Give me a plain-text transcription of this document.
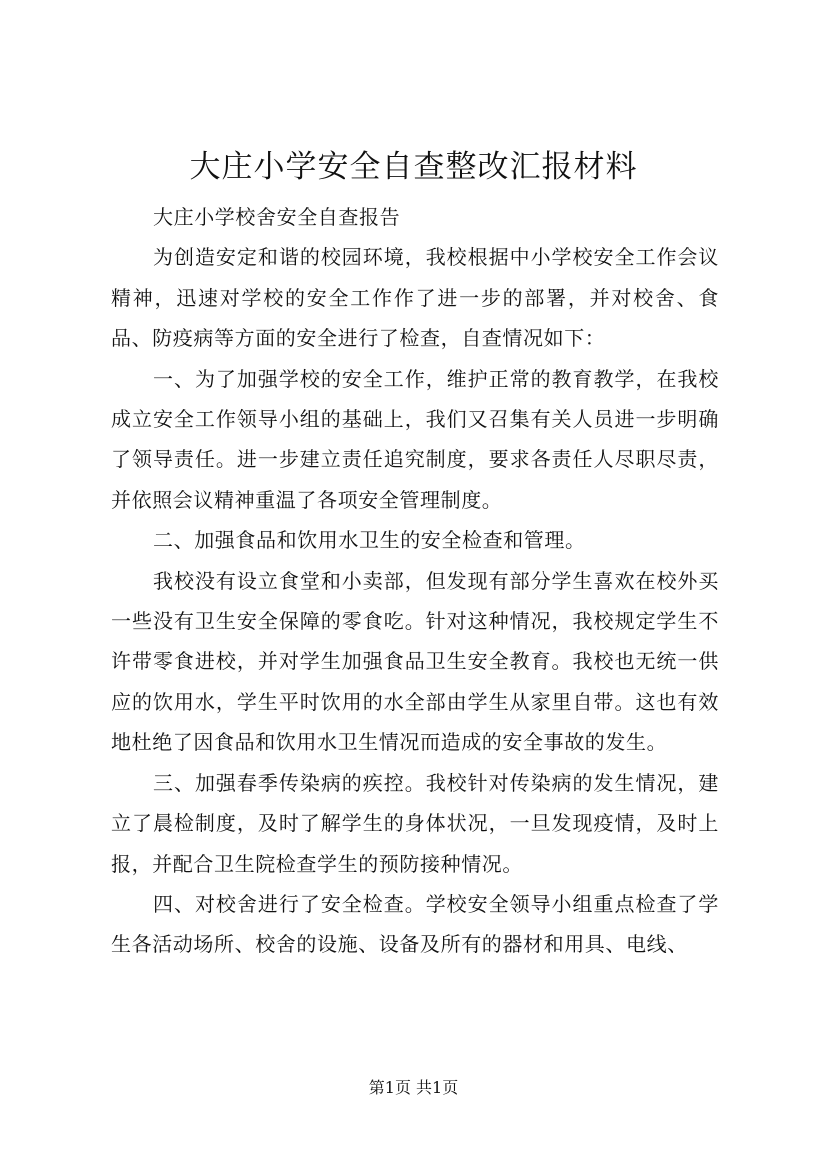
大庄小学安全自查整改汇报材料

大庄小学校舍安全自查报告

为创造安定和谐的校园环境，我校根据中小学校安全工作会议精神，迅速对学校的安全工作作了进一步的部署，并对校舍、食品、防疫病等方面的安全进行了检查，自查情况如下：

一、为了加强学校的安全工作，维护正常的教育教学，在我校成立安全工作领导小组的基础上，我们又召集有关人员进一步明确了领导责任。进一步建立责任追究制度，要求各责任人尽职尽责，并依照会议精神重温了各项安全管理制度。

二、加强食品和饮用水卫生的安全检查和管理。

我校没有设立食堂和小卖部，但发现有部分学生喜欢在校外买一些没有卫生安全保障的零食吃。针对这种情况，我校规定学生不许带零食进校，并对学生加强食品卫生安全教育。我校也无统一供应的饮用水，学生平时饮用的水全部由学生从家里自带。这也有效地杜绝了因食品和饮用水卫生情况而造成的安全事故的发生。

三、加强春季传染病的疾控。我校针对传染病的发生情况，建立了晨检制度，及时了解学生的身体状况，一旦发现疫情，及时上报，并配合卫生院检查学生的预防接种情况。

四、对校舍进行了安全检查。学校安全领导小组重点检查了学生各活动场所、校舍的设施、设备及所有的器材和用具、电线、

第1页 共1页
